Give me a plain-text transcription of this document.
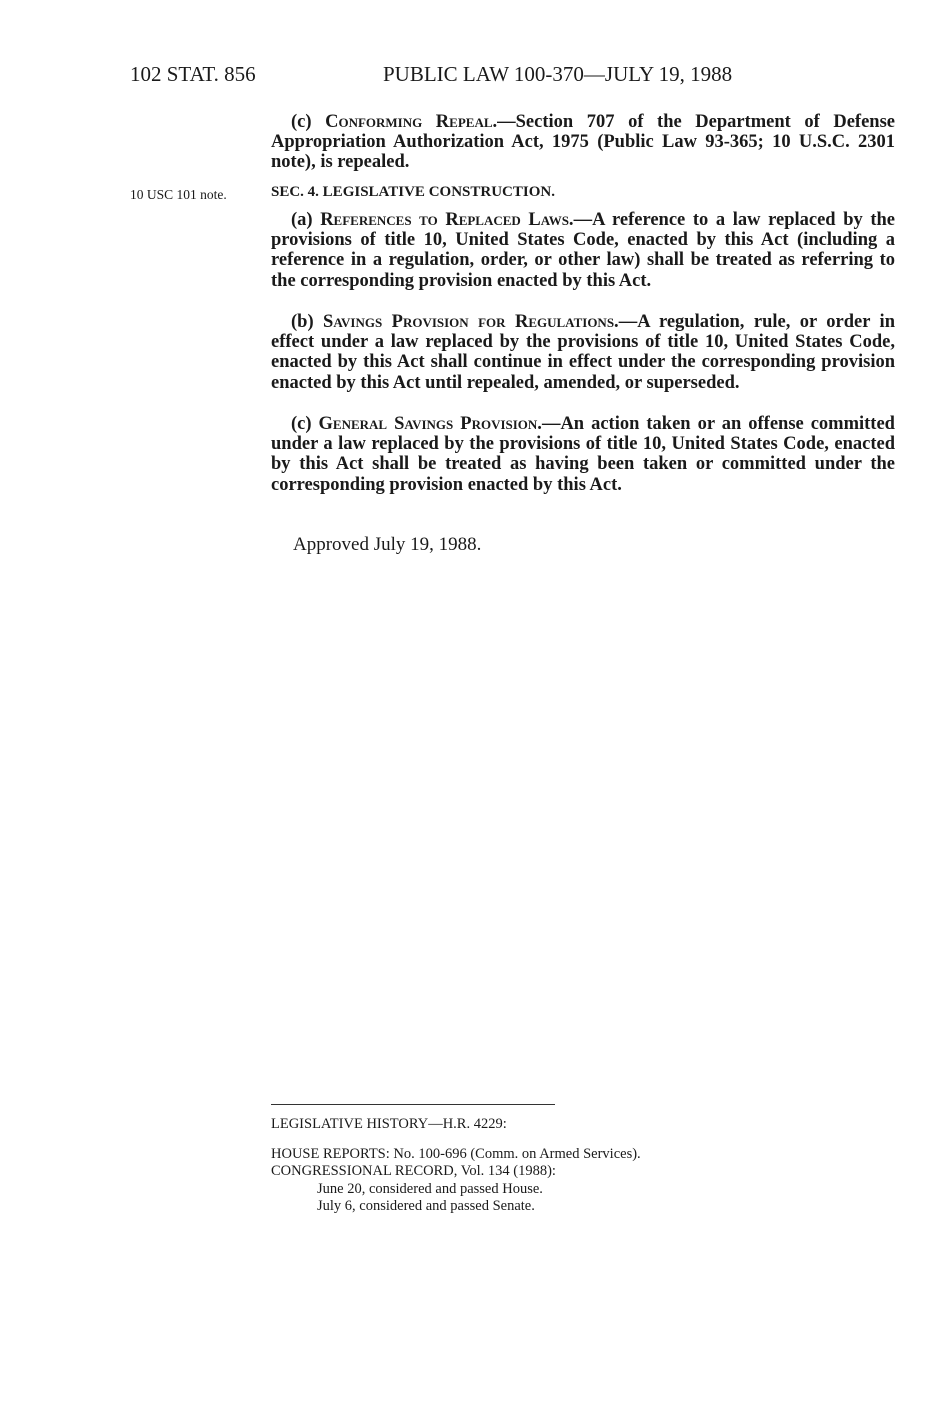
102 STAT. 856	PUBLIC LAW 100-370—JULY 19, 1988

(c) Conforming Repeal.—Section 707 of the Department of Defense Appropriation Authorization Act, 1975 (Public Law 93-365; 10 U.S.C. 2301 note), is repealed.

10 USC 101 note.	SEC. 4. LEGISLATIVE CONSTRUCTION.

(a) References to Replaced Laws.—A reference to a law replaced by the provisions of title 10, United States Code, enacted by this Act (including a reference in a regulation, order, or other law) shall be treated as referring to the corresponding provision enacted by this Act.

(b) Savings Provision for Regulations.—A regulation, rule, or order in effect under a law replaced by the provisions of title 10, United States Code, enacted by this Act shall continue in effect under the corresponding provision enacted by this Act until repealed, amended, or superseded.

(c) General Savings Provision.—An action taken or an offense committed under a law replaced by the provisions of title 10, United States Code, enacted by this Act shall be treated as having been taken or committed under the corresponding provision enacted by this Act.

Approved July 19, 1988.
LEGISLATIVE HISTORY—H.R. 4229:
HOUSE REPORTS: No. 100-696 (Comm. on Armed Services).
CONGRESSIONAL RECORD, Vol. 134 (1988):
June 20, considered and passed House.
July 6, considered and passed Senate.
